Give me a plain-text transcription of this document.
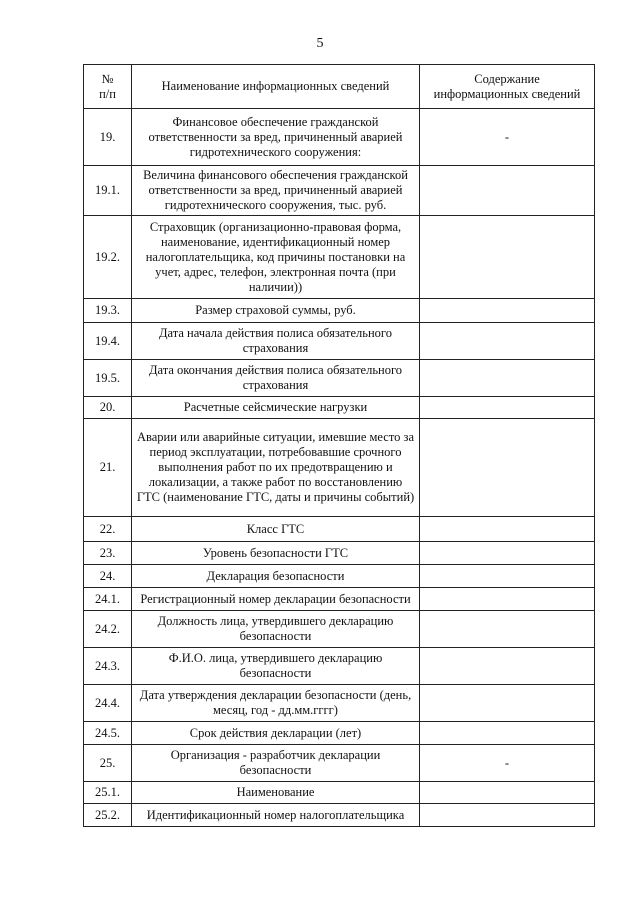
5
№
п/п	Наименование информационных сведений	Содержание
информационных сведений
19.	Финансовое обеспечение гражданской ответственности за вред, причиненный аварией гидротехнического сооружения:	-
19.1.	Величина финансового обеспечения гражданской ответственности за вред, причиненный аварией гидротехнического сооружения, тыс. руб.	
19.2.	Страховщик (организационно-правовая форма, наименование, идентификационный номер налогоплательщика, код причины постановки на учет, адрес, телефон, электронная почта (при наличии))	
19.3.	Размер страховой суммы, руб.	
19.4.	Дата начала действия полиса обязательного страхования	
19.5.	Дата окончания действия полиса обязательного страхования	
20.	Расчетные сейсмические нагрузки	
21.	Аварии или аварийные ситуации, имевшие место за период эксплуатации, потребовавшие срочного выполнения работ по их предотвращению и локализации, а также работ по восстановлению ГТС (наименование ГТС, даты и причины событий)	
22.	Класс ГТС	
23.	Уровень безопасности ГТС	
24.	Декларация безопасности	
24.1.	Регистрационный номер декларации безопасности	
24.2.	Должность лица, утвердившего декларацию безопасности	
24.3.	Ф.И.О. лица, утвердившего декларацию безопасности	
24.4.	Дата утверждения декларации безопасности (день, месяц, год - дд.мм.гггг)	
24.5.	Срок действия декларации (лет)	
25.	Организация - разработчик декларации безопасности	-
25.1.	Наименование	
25.2.	Идентификационный номер налогоплательщика	
